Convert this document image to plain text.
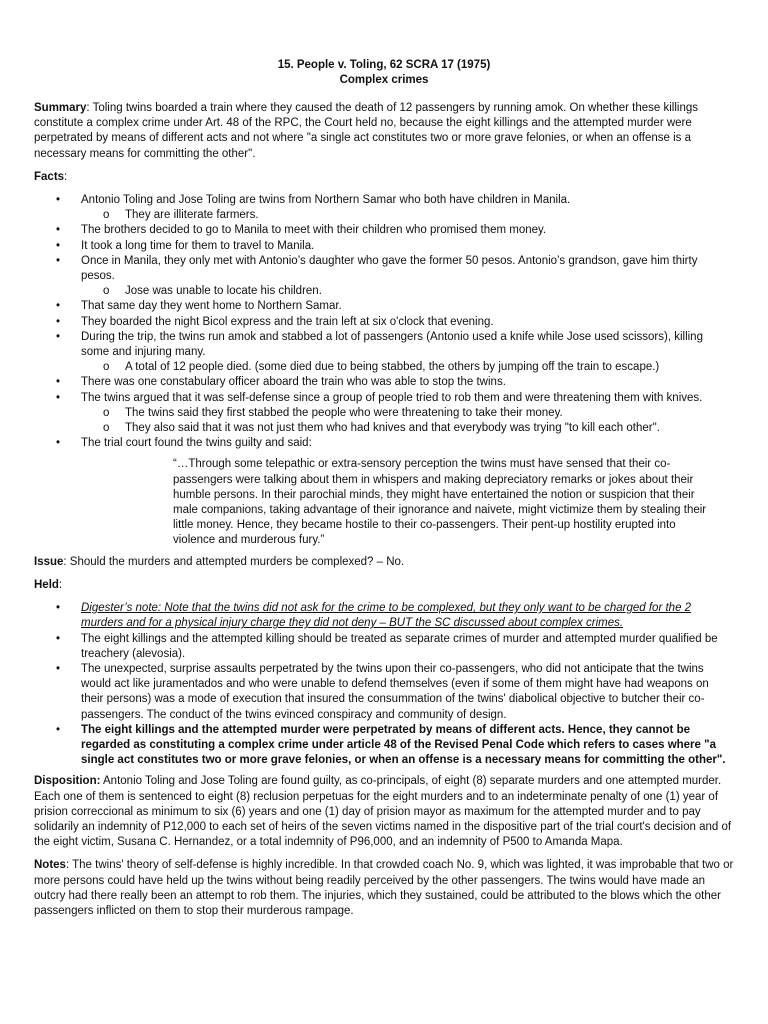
15. People v. Toling, 62 SCRA 17 (1975)
Complex crimes

Summary: Toling twins boarded a train where they caused the death of 12 passengers by running amok. On whether these killings constitute a complex crime under Art. 48 of the RPC, the Court held no, because the eight killings and the attempted murder were perpetrated by means of different acts and not where "a single act constitutes two or more grave felonies, or when an offense is a necessary means for committing the other".

Facts:

• Antonio Toling and Jose Toling are twins from Northern Samar who both have children in Manila.
o They are illiterate farmers.
• The brothers decided to go to Manila to meet with their children who promised them money.
• It took a long time for them to travel to Manila.
• Once in Manila, they only met with Antonio’s daughter who gave the former 50 pesos. Antonio’s grandson, gave him thirty pesos.
o Jose was unable to locate his children.
• That same day they went home to Northern Samar.
• They boarded the night Bicol express and the train left at six o'clock that evening.
• During the trip, the twins run amok and stabbed a lot of passengers (Antonio used a knife while Jose used scissors), killing some and injuring many.
o A total of 12 people died. (some died due to being stabbed, the others by jumping off the train to escape.)
• There was one constabulary officer aboard the train who was able to stop the twins.
• The twins argued that it was self-defense since a group of people tried to rob them and were threatening them with knives.
o The twins said they first stabbed the people who were threatening to take their money.
o They also said that it was not just them who had knives and that everybody was trying "to kill each other".
• The trial court found the twins guilty and said:

“…Through some telepathic or extra-sensory perception the twins must have sensed that their co-passengers were talking about them in whispers and making depreciatory remarks or jokes about their humble persons. In their parochial minds, they might have entertained the notion or suspicion that their male companions, taking advantage of their ignorance and naivete, might victimize them by stealing their little money. Hence, they became hostile to their co-passengers. Their pent-up hostility erupted into violence and murderous fury.”

Issue: Should the murders and attempted murders be complexed? – No.

Held:

• Digester’s note: Note that the twins did not ask for the crime to be complexed, but they only want to be charged for the 2 murders and for a physical injury charge they did not deny – BUT the SC discussed about complex crimes.
• The eight killings and the attempted killing should be treated as separate crimes of murder and attempted murder qualified be treachery (alevosia).
• The unexpected, surprise assaults perpetrated by the twins upon their co-passengers, who did not anticipate that the twins would act like juramentados and who were unable to defend themselves (even if some of them might have had weapons on their persons) was a mode of execution that insured the consummation of the twins' diabolical objective to butcher their co-passengers. The conduct of the twins evinced conspiracy and community of design.
• The eight killings and the attempted murder were perpetrated by means of different acts. Hence, they cannot be regarded as constituting a complex crime under article 48 of the Revised Penal Code which refers to cases where "a single act constitutes two or more grave felonies, or when an offense is a necessary means for committing the other".

Disposition: Antonio Toling and Jose Toling are found guilty, as co-principals, of eight (8) separate murders and one attempted murder. Each one of them is sentenced to eight (8) reclusion perpetuas for the eight murders and to an indeterminate penalty of one (1) year of prision correccional as minimum to six (6) years and one (1) day of prision mayor as maximum for the attempted murder and to pay solidarily an indemnity of P12,000 to each set of heirs of the seven victims named in the dispositive part of the trial court's decision and of the eight victim, Susana C. Hernandez, or a total indemnity of P96,000, and an indemnity of P500 to Amanda Mapa.

Notes: The twins' theory of self-defense is highly incredible. In that crowded coach No. 9, which was lighted, it was improbable that two or more persons could have held up the twins without being readily perceived by the other passengers. The twins would have made an outcry had there really been an attempt to rob them. The injuries, which they sustained, could be attributed to the blows which the other passengers inflicted on them to stop their murderous rampage.
